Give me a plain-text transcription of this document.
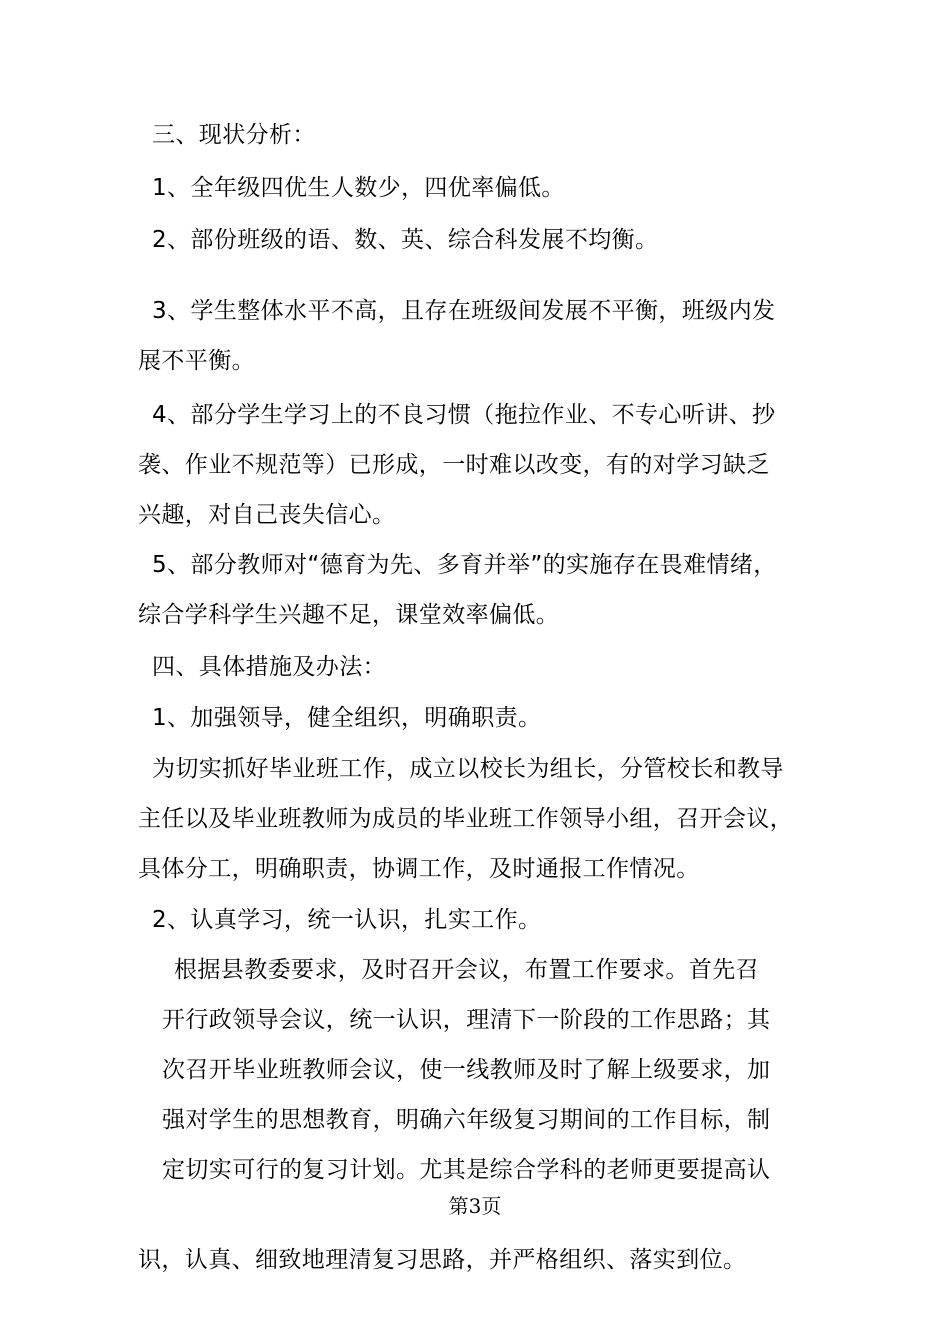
三、现状分析：

1、全年级四优生人数少，四优率偏低。

2、部份班级的语、数、英、综合科发展不均衡。

3、学生整体水平不高，且存在班级间发展不平衡，班级内发

展不平衡。

4、部分学生学习上的不良习惯（拖拉作业、不专心听讲、抄

袭、作业不规范等）已形成，一时难以改变，有的对学习缺乏

兴趣，对自己丧失信心。

5、部分教师对“德育为先、多育并举”的实施存在畏难情绪，

综合学科学生兴趣不足，课堂效率偏低。

四、具体措施及办法：

1、加强领导，健全组织，明确职责。

为切实抓好毕业班工作，成立以校长为组长，分管校长和教导

主任以及毕业班教师为成员的毕业班工作领导小组，召开会议，

具体分工，明确职责，协调工作，及时通报工作情况。

2、认真学习，统一认识，扎实工作。

根据县教委要求，及时召开会议，布置工作要求。首先召

开行政领导会议，统一认识，理清下一阶段的工作思路；其

次召开毕业班教师会议，使一线教师及时了解上级要求，加

强对学生的思想教育，明确六年级复习期间的工作目标，制

定切实可行的复习计划。尤其是综合学科的老师更要提高认

第3页

识，认真、细致地理清复习思路，并严格组织、落实到位。
